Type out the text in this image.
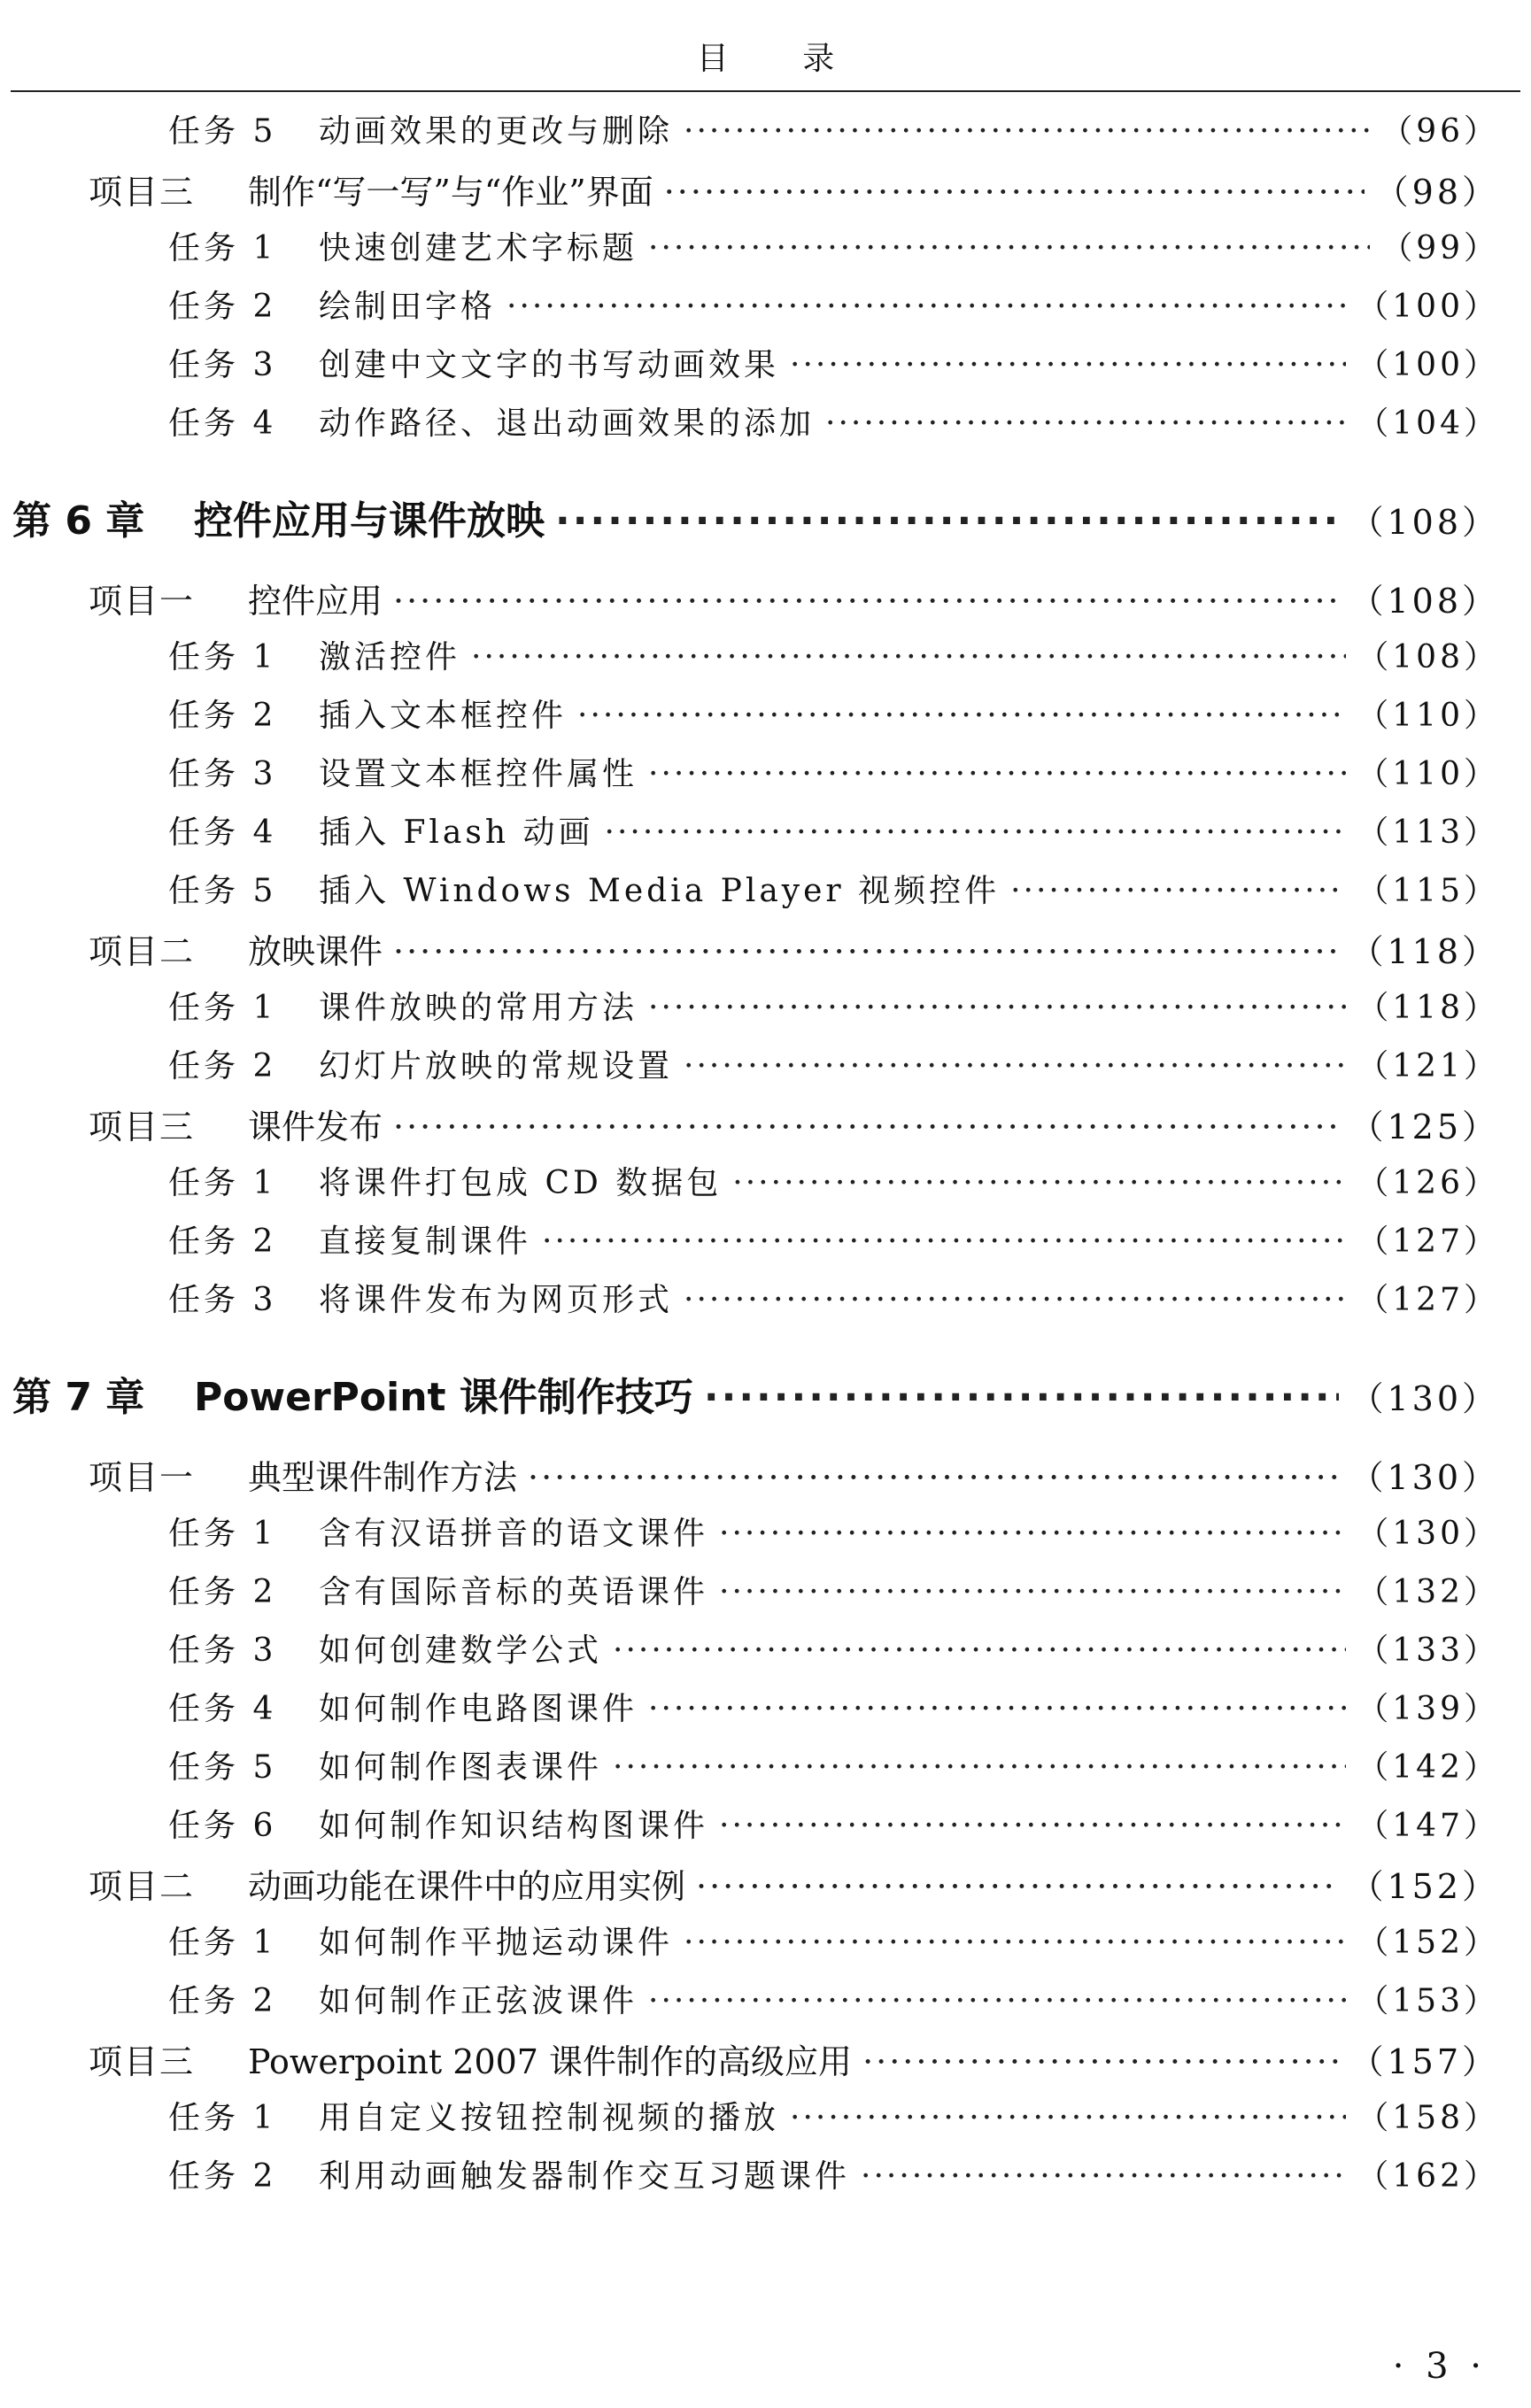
目 录
任务 5	动画效果的更改与删除 ·····	（96）
项目三	制作“写一写”与“作业”界面 ·····	（98）
任务 1	快速创建艺术字标题 ·····	（99）
任务 2	绘制田字格 ·····	（100）
任务 3	创建中文文字的书写动画效果 ·····	（100）
任务 4	动作路径、退出动画效果的添加 ·····	（104）
第 6 章	控件应用与课件放映 ·····	（108）
项目一	控件应用 ·····	（108）
任务 1	激活控件 ·····	（108）
任务 2	插入文本框控件 ·····	（110）
任务 3	设置文本框控件属性 ·····	（110）
任务 4	插入 Flash 动画 ·····	（113）
任务 5	插入 Windows Media Player 视频控件 ·····	（115）
项目二	放映课件 ·····	（118）
任务 1	课件放映的常用方法 ·····	（118）
任务 2	幻灯片放映的常规设置 ·····	（121）
项目三	课件发布 ·····	（125）
任务 1	将课件打包成 CD 数据包 ·····	（126）
任务 2	直接复制课件 ·····	（127）
任务 3	将课件发布为网页形式 ·····	（127）
第 7 章	PowerPoint 课件制作技巧 ·····	（130）
项目一	典型课件制作方法 ·····	（130）
任务 1	含有汉语拼音的语文课件 ·····	（130）
任务 2	含有国际音标的英语课件 ·····	（132）
任务 3	如何创建数学公式 ·····	（133）
任务 4	如何制作电路图课件 ·····	（139）
任务 5	如何制作图表课件 ·····	（142）
任务 6	如何制作知识结构图课件 ·····	（147）
项目二	动画功能在课件中的应用实例 ·····	（152）
任务 1	如何制作平抛运动课件 ·····	（152）
任务 2	如何制作正弦波课件 ·····	（153）
项目三	Powerpoint 2007 课件制作的高级应用 ·····	（157）
任务 1	用自定义按钮控制视频的播放 ·····	（158）
任务 2	利用动画触发器制作交互习题课件 ·····	（162）
· 3 ·
